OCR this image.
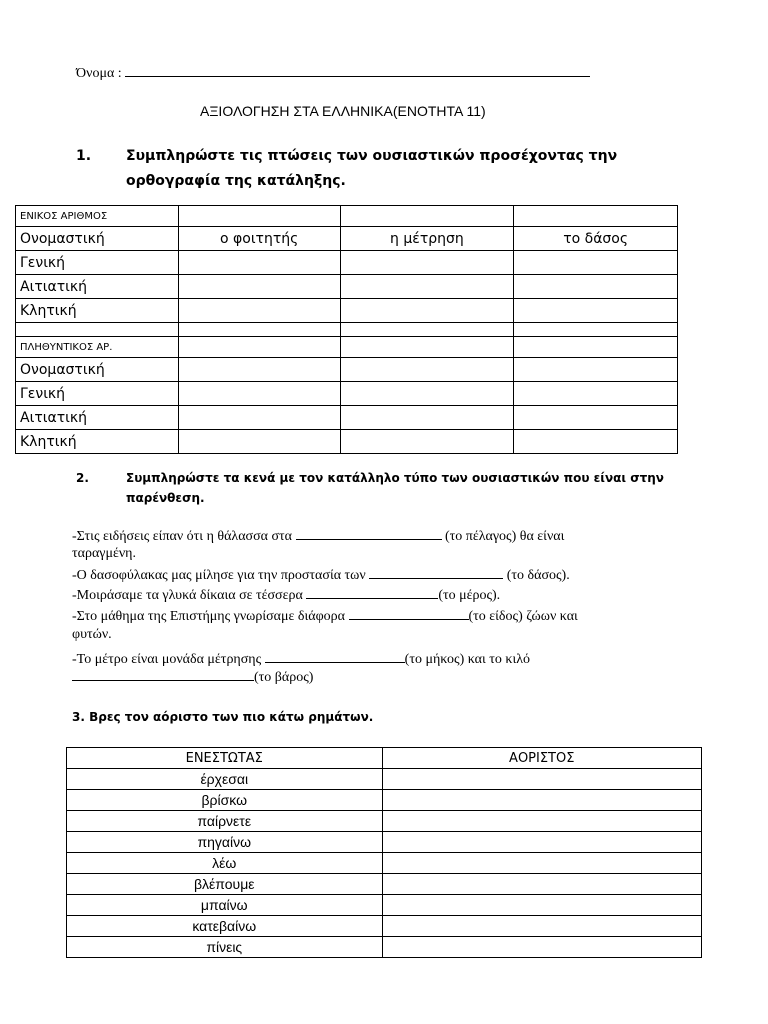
Όνομα :
ΑΞΙΟΛΟΓΗΣΗ ΣΤΑ ΕΛΛΗΝΙΚΑ(ΕΝΟΤΗΤΑ 11)
1. Συμπληρώστε τις πτώσεις των ουσιαστικών προσέχοντας την
ορθογραφία της κατάληξης.
ΕΝΙΚΟΣ ΑΡΙΘΜΟΣ			
Ονομαστική	ο φοιτητής	η μέτρηση	το δάσος
Γενική			
Αιτιατική			
Κλητική			

ΠΛΗΘΥΝΤΙΚΟΣ ΑΡ.			
Ονομαστική			
Γενική			
Αιτιατική			
Κλητική			
2.	Συμπληρώστε τα κενά με τον κατάλληλο τύπο των ουσιαστικών που είναι στην
παρένθεση.
-Στις ειδήσεις είπαν ότι η θάλασσα στα	(το πέλαγος) θα είναι
ταραγμένη.
-Ο δασοφύλακας μας μίλησε για την προστασία των	(το δάσος).
-Μοιράσαμε τα γλυκά δίκαια σε τέσσερα	(το μέρος).
-Στο μάθημα της Επιστήμης γνωρίσαμε διάφορα	(το είδος) ζώων και
φυτών.
-Το μέτρο είναι μονάδα μέτρησης	(το μήκος) και το κιλό
(το βάρος)
3. Βρες τον αόριστο των πιο κάτω ρημάτων.
ΕΝΕΣΤΩΤΑΣ	ΑΟΡΙΣΤΟΣ
έρχεσαι	
βρίσκω	
παίρνετε	
πηγαίνω	
λέω	
βλέπουμε	
μπαίνω	
κατεβαίνω	
πίνεις	
